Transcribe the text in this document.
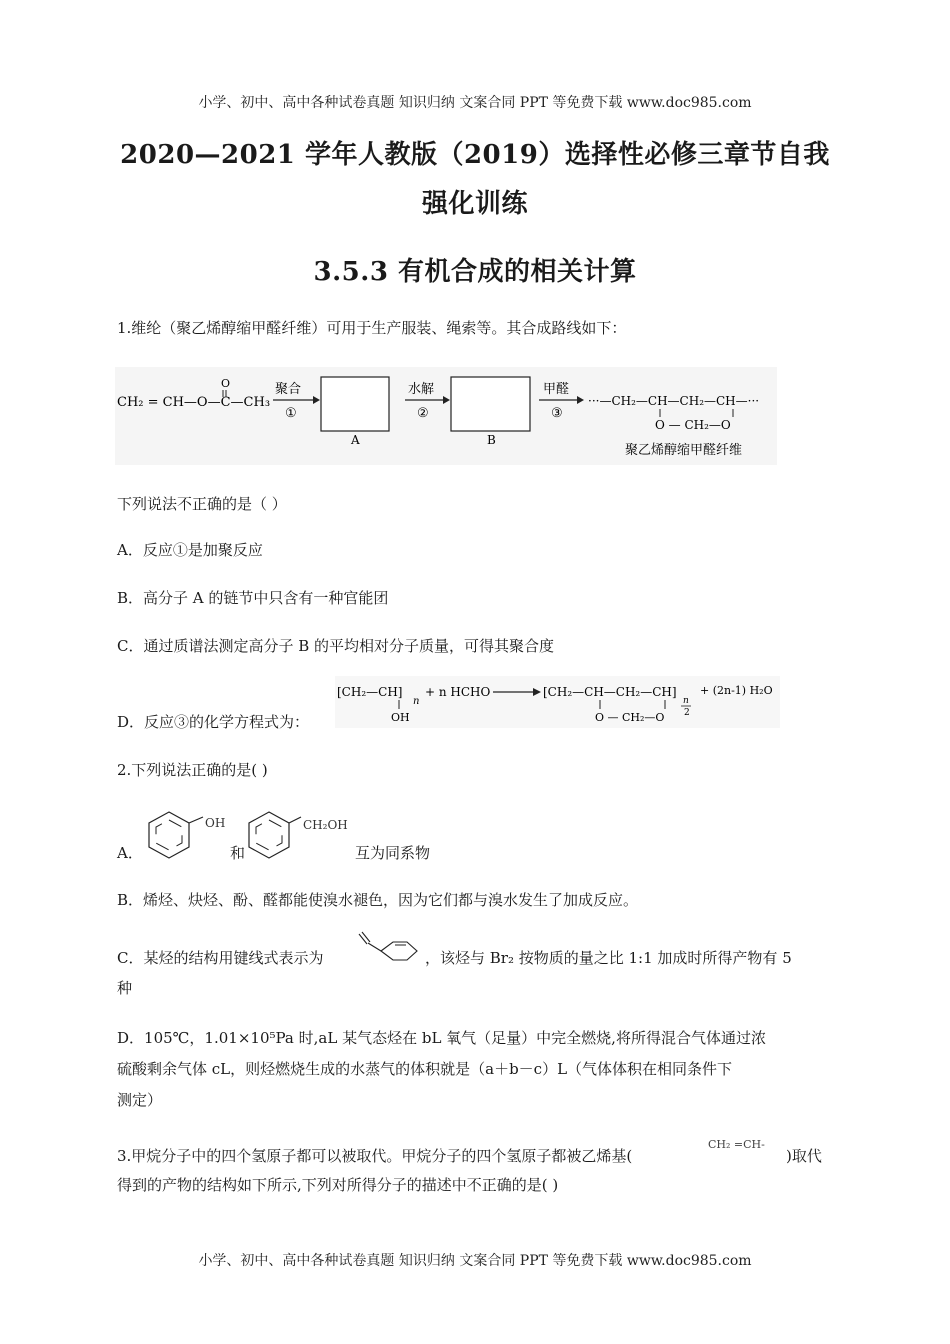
小学、初中、高中各种试卷真题 知识归纳 文案合同 PPT 等免费下载 www.doc985.com
2020—2021 学年人教版（2019）选择性必修三章节自我
强化训练
3.5.3 有机合成的相关计算
1.维纶（聚乙烯醇缩甲醛纤维）可用于生产服装、绳索等。其合成路线如下：
CH₂ = CH—O—C—CH₃
O	聚合
①
A
水解
②
B
甲醛
③
···—CH₂—CH—CH₂—CH—···
O — CH₂—O
聚乙烯醇缩甲醛纤维
下列说法不正确的是（ ）
A．反应①是加聚反应
B．高分子 A 的链节中只含有一种官能团
C．通过质谱法测定高分子 B 的平均相对分子质量，可得其聚合度
[CH₂—CH]
n
OH
+ n HCHO	[CH₂—CH—CH₂—CH]
n
2
O — CH₂—O
+ (2n-1) H₂O
D．反应③的化学方程式为：
2.下列说法正确的是( )
A．
OH
和
CH₂OH
互为同系物
B．烯烃、炔烃、酚、醛都能使溴水褪色，因为它们都与溴水发生了加成反应。
C．某烃的结构用键线式表示为	，该烃与 Br₂ 按物质的量之比 1:1 加成时所得产物有 5
种
D．105℃，1.01×10⁵Pa 时,aL 某气态烃在 bL 氧气（足量）中完全燃烧,将所得混合气体通过浓
硫酸剩余气体 cL，则烃燃烧生成的水蒸气的体积就是（a＋b－c）L（气体体积在相同条件下
测定）
3.甲烷分子中的四个氢原子都可以被取代。甲烷分子的四个氢原子都被乙烯基(
CH₂ =CH-
)取代
得到的产物的结构如下所示,下列对所得分子的描述中不正确的是( )
小学、初中、高中各种试卷真题 知识归纳 文案合同 PPT 等免费下载 www.doc985.com
